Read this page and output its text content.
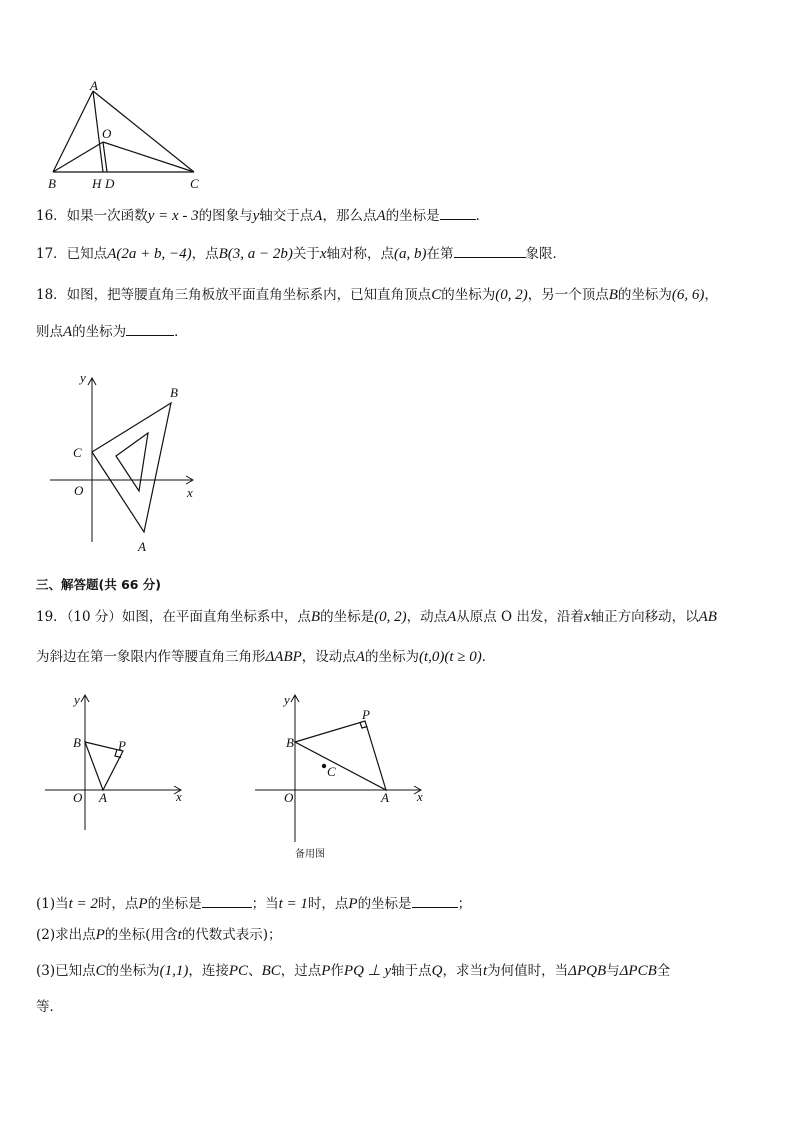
A
O
B	H D	C
16．如果一次函数y = x - 3的图象与y轴交于点A，那么点A的坐标是	．
17．已知点A(2a + b, −4)，点B(3, a − 2b)关于x轴对称，点(a, b)在第	象限．
18．如图，把等腰直角三角板放平面直角坐标系内，已知直角顶点C的坐标为(0, 2)，另一个顶点B的坐标为(6, 6)，
则点A的坐标为	．
y
B
C
O	x
A
三、解答题(共 66 分)
19．（10 分）如图，在平面直角坐标系中，点B的坐标是(0, 2)，动点A从原点 O 出发，沿着x轴正方向移动，以AB
为斜边在第一象限内作等腰直角三角形ΔABP，设动点A的坐标为(t,0)(t ≥ 0)．
y
B	P
O A	x
y
P
B
C
O	A x
备用图
(1)当t = 2时，点P的坐标是	；当t = 1时，点P的坐标是	；
(2)求出点P的坐标(用含t的代数式表示)；
(3)已知点C的坐标为(1,1)，连接PC、BC，过点P作PQ ⊥ y轴于点Q，求当t为何值时，当ΔPQB与ΔPCB全
等．
